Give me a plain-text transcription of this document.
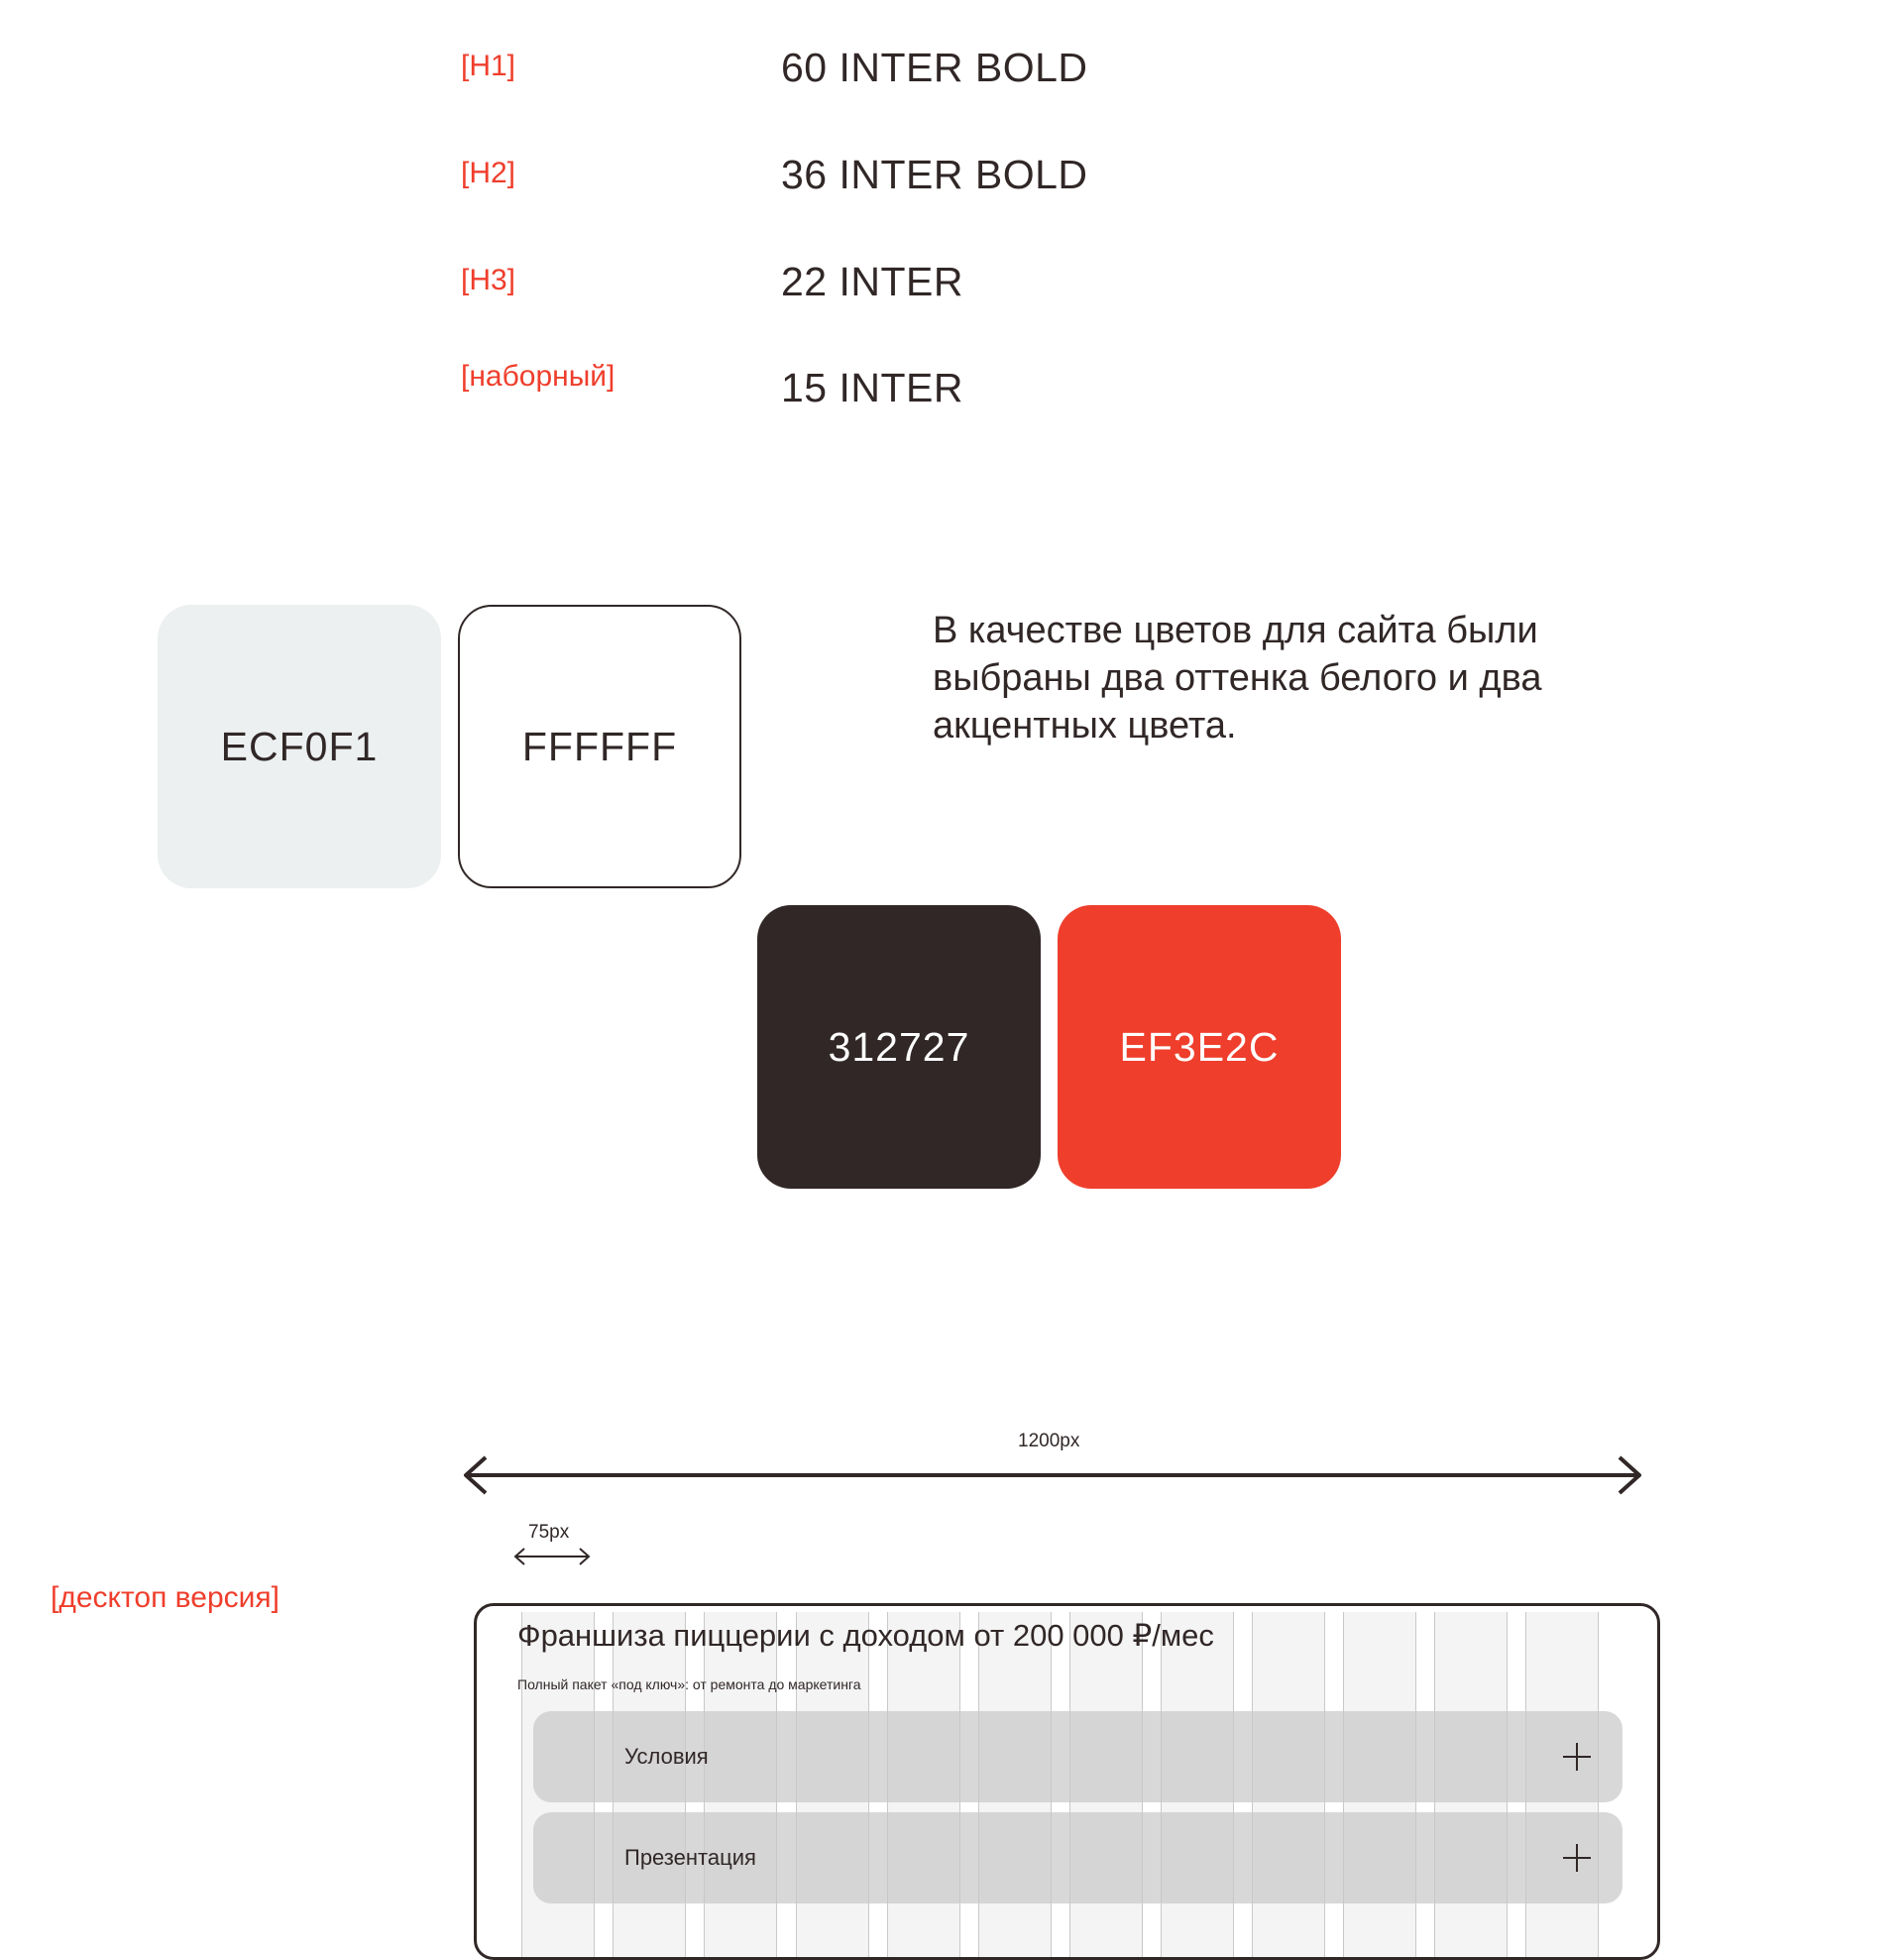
[H1]	60 INTER BOLD
[H2]	36 INTER BOLD
[H3]	22 INTER
[наборный]	15 INTER
ECF0F1	FFFFFF
312727	EF3E2C
В качестве цветов для сайта были выбраны два оттенка белого и два акцентных цвета.
1200px
75px
[десктоп версия]
Франшиза пиццерии с доходом от 200 000 ₽/мес
Полный пакет «под ключ»: от ремонта до маркетинга
Условия
Презентация
